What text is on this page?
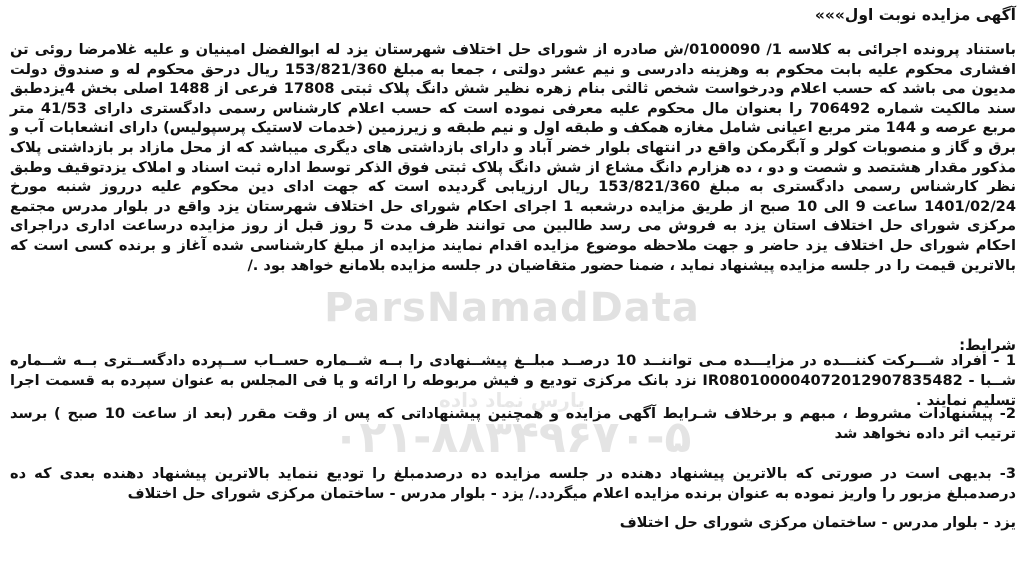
آگهی مزایده نوبت اول»»»
باستناد پرونده اجرائی به کلاسه 1/ 0100090/ش صادره از شورای حل اختلاف شهرستان یزد له ابوالفضل امینیان و علیه غلامرضا روئی تن افشاری محکوم علیه بابت محکوم به وهزینه دادرسی و نیم عشر دولتی ، جمعا به مبلغ 153/821/360 ریال درحق محکوم له و صندوق دولت مدیون می باشد که حسب اعلام ودرخواست شخص ثالثی بنام زهره نظیر شش دانگ پلاک ثبتی 17808 فرعی از 1488 اصلی بخش 4یزدطبق سند مالکیت شماره 706492 را بعنوان مال محکوم علیه معرفی نموده است که حسب اعلام کارشناس رسمی دادگستری دارای 41/53 متر مربع عرصه و 144 متر مربع اعیانی شامل مغازه همکف و طبقه اول و نیم طبقه و زیرزمین (خدمات لاستیک پرسپولیس) دارای انشعابات آب و برق و گاز و منصوبات کولر و آبگرمکن واقع در انتهای بلوار خضر آباد و دارای بازداشتی های دیگری میباشد که از محل مازاد بر بازداشتی پلاک مذکور مقدار هشتصد و شصت و دو ، ده هزارم دانگ مشاع از شش دانگ پلاک ثبتی فوق الذکر توسط اداره ثبت اسناد و املاک یزدتوقیف وطبق نظر کارشناس رسمی دادگستری به مبلغ 153/821/360 ریال ارزیابی گردیده است که جهت ادای دین محکوم علیه درروز شنبه مورخ 1401/02/24 ساعت 9 الی 10 صبح از طریق مزایده درشعبه 1 اجرای احکام شورای حل اختلاف شهرستان یزد واقع در بلوار مدرس مجتمع مرکزی شورای حل اختلاف استان یزد به فروش می رسد طالبین می توانند ظرف مدت 5 روز قبل از روز مزایده درساعت اداری دراجرای احکام شورای حل اختلاف یزد حاضر و جهت ملاحظه موضوع مزایده اقدام نمایند مزایده از مبلغ کارشناسی شده آغاز و برنده کسی است که بالاترین قیمت را در جلسه مزایده پیشنهاد نماید ، ضمنا حضور متقاضیان در جلسه مزایده بلامانع خواهد بود ./
شرایط:
1 - افراد شـــرکت کننـــده در مزایـــده مـی تواننــد 10 درصــد مبلــغ پیشــنهادی را بــه شــماره حســاب ســپرده دادگســتری بــه شــماره شــبا - IR080100004072012907835482 نزد بانک مرکزی تودیع و فیش مربوطه را ارائه و یا فی المجلس به عنوان سپرده به قسمت اجرا تسلیم نمایند .
2- پیشنهادات مشروط ، مبهم و برخلاف شـرایط آگهی مزایده و همچنین پیشنهاداتی که پس از وقت مقرر (بعد از ساعت 10 صبح ) برسد ترتیب اثر داده نخواهد شد
3- بدیهی است در صورتی که بالاترین پیشنهاد دهنده در جلسه مزایده ده درصدمبلغ را تودیع ننماید بالاترین پیشنهاد دهنده بعدی که ده درصدمبلغ مزبور را واریز نموده به عنوان برنده مزایده اعلام میگردد./ یزد - بلوار مدرس - ساختمان مرکزی شورای حل اختلاف
یزد - بلوار مدرس - ساختمان مرکزی شورای حل اختلاف
ParsNamadData
پارس نماد داده
۰۲۱-۸۸۳۴۹۶۷۰-۵
